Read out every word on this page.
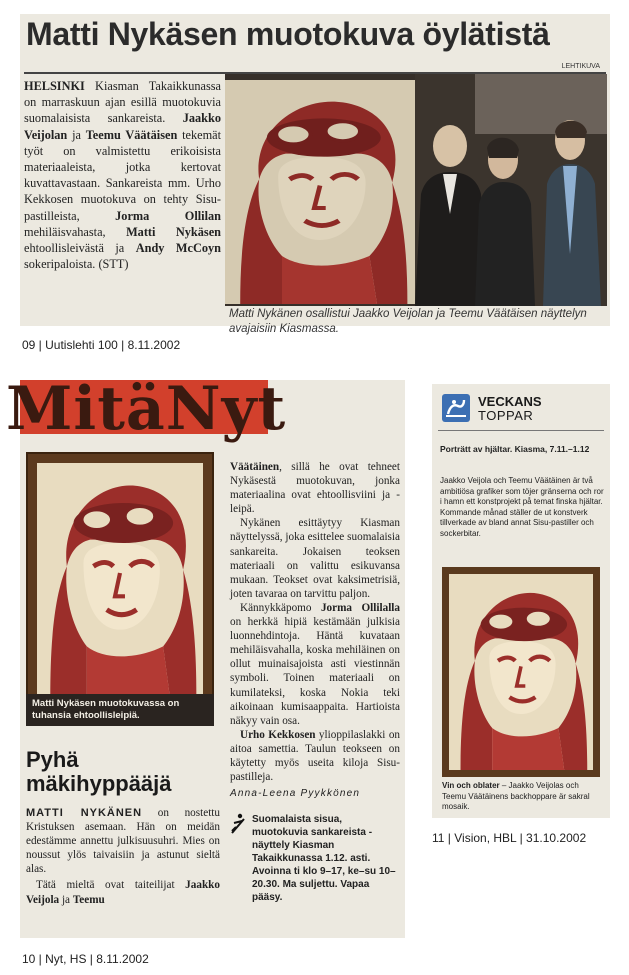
Matti Nykäsen muotokuva öylätistä
LEHTIKUVA
HELSINKI Kiasman Takaikkunassa on marraskuun ajan esillä muotokuvia suomalaisista sankareista. Jaakko Veijolan ja Teemu Väätäisen tekemät työt on valmistettu erikoisista materiaaleista, jotka kertovat kuvattavastaan. Sankareista mm. Urho Kekkosen muotokuva on tehty Sisu-pastilleista, Jorma Ollilan mehiläisvahasta, Matti Nykäsen ehtoollisleivästä ja Andy McCoyn sokeripaloista. (STT)
Matti Nykänen osallistui Jaakko Veijolan ja Teemu Väätäisen näyttelyn avajaisiin Kiasmassa.
09 | Uutislehti 100 | 8.11.2002
MitäNyt
Matti Nykäsen muotokuvassa on tuhansia ehtoollisleipiä.
Pyhä mäkihyppääjä

MATTI NYKÄNEN on nostettu Kristuksen asemaan. Hän on meidän edestämme annettu julkisuusuhri. Mies on noussut ylös taivaisiin ja astunut sieltä alas.

Tätä mieltä ovat taiteilijat Jaakko Veijola ja Teemu

Väätäinen, sillä he ovat tehneet Nykäsestä muotokuvan, jonka materiaalina ovat ehtoollisviini ja -leipä.

Nykänen esittäytyy Kiasman näyttelyssä, joka esittelee suomalaisia sankareita. Jokaisen teoksen materiaali on valittu esikuvansa mukaan. Teokset ovat kaksimetrisiä, joten tavaraa on tarvittu paljon.

Kännykkäpomo Jorma Ollilalla on herkkä hipiä kestämään julkisia luonnehdintoja. Häntä kuvataan mehiläisvahalla, koska mehiläinen on ollut muinaisajoista asti viestinnän symboli. Toinen materiaali on kumilateksi, koska Nokia teki aikoinaan kumisaappaita. Hartioista näkyy vain osa.

Urho Kekkosen ylioppilaslakki on aitoa samettia. Taulun teokseen on käytetty myös useita kiloja Sisu-pastilleja.

Anna-Leena Pyykkönen
Suomalaista sisua, muotokuvia sankareista -näyttely Kiasman Takaikkunassa 1.12. asti. Avoinna ti klo 9–17, ke–su 10–20.30. Ma suljettu. Vapaa pääsy.
10 | Nyt, HS | 8.11.2002
VECKANS
TOPPAR
Porträtt av hjältar. Kiasma, 7.11.–1.12
Jaakko Veijola och Teemu Väätäinen är två ambitiösa grafiker som töjer gränserna och ror i hamn ett konstprojekt på temat finska hjältar. Kommande månad ställer de ut konstverk tillverkade av bland annat Sisu-pastiller och sockerbitar.
Vin och oblater – Jaakko Veijolas och Teemu Väätäinens backhoppare är sakral mosaik.
11 | Vision, HBL | 31.10.2002
